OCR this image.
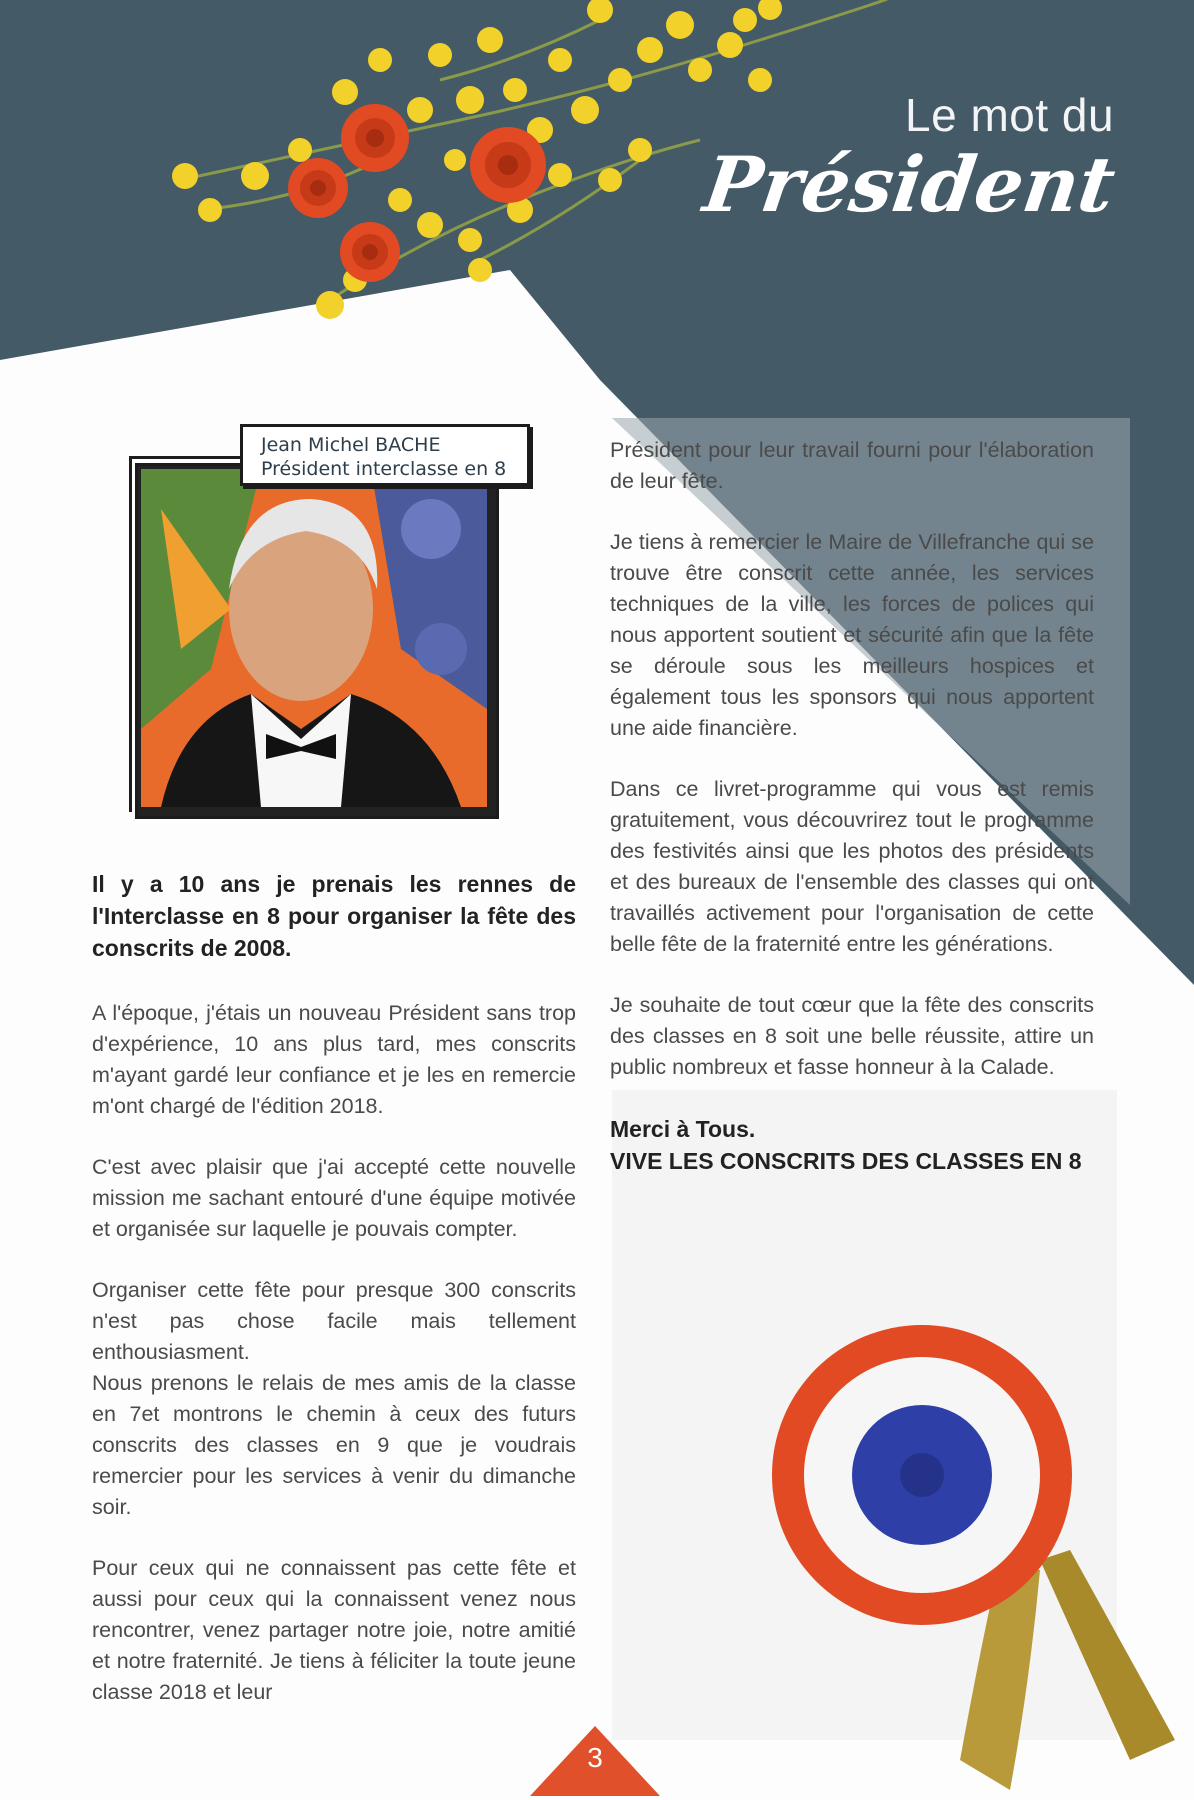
Le mot du
Président
Jean Michel BACHE
Président interclasse en 8

Il y a 10 ans je prenais les rennes de l'Interclasse en 8 pour organiser la fête des conscrits de 2008.

A l'époque, j'étais un nouveau Président sans trop d'expérience, 10 ans plus tard, mes conscrits m'ayant gardé leur confiance et je les en remercie m'ont chargé de l'édition 2018.

C'est avec plaisir que j'ai accepté cette nouvelle mission me sachant entouré d'une équipe motivée et organisée sur laquelle je pouvais compter.

Organiser cette fête pour presque 300 conscrits n'est pas chose facile mais tellement enthousiasment.

Nous prenons le relais de mes amis de la classe en 7et montrons le chemin à ceux des futurs conscrits des classes en 9 que je voudrais remercier pour les services à venir du dimanche soir.

Pour ceux qui ne connaissent pas cette fête et aussi pour ceux qui la connaissent venez nous rencontrer, venez partager notre joie, notre amitié et notre fraternité. Je tiens à féliciter la toute jeune classe 2018 et leur

Président pour leur travail fourni pour l'élaboration de leur fête.

Je tiens à remercier le Maire de Villefranche qui se trouve être conscrit cette année, les services techniques de la ville, les forces de polices qui nous apportent soutient et sécurité afin que la fête se déroule sous les meilleurs hospices et également tous les sponsors qui nous apportent une aide financière.

Dans ce livret-programme qui vous est remis gratuitement, vous découvrirez tout le programme des festivités ainsi que les photos des présidents et des bureaux de l'ensemble des classes qui ont travaillés activement pour l'organisation de cette belle fête de la fraternité entre les générations.

Je souhaite de tout cœur que la fête des conscrits des classes en 8 soit une belle réussite, attire un public nombreux et fasse honneur à la Calade.

Merci à Tous.

VIVE LES CONSCRITS DES CLASSES EN 8

3
